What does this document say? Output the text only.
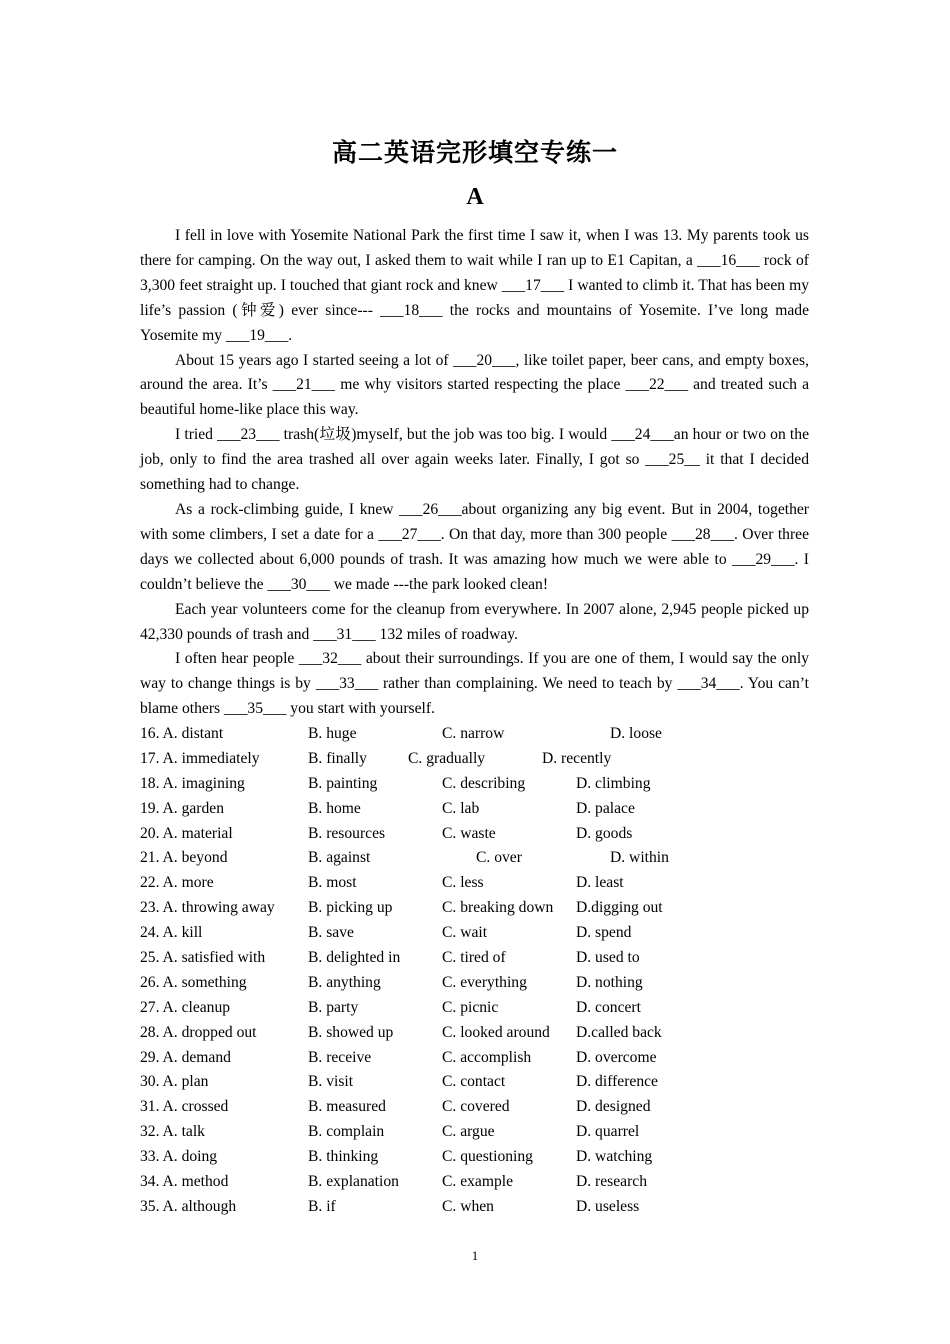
高二英语完形填空专练一
A

I fell in love with Yosemite National Park the first time I saw it, when I was 13. My parents took us there for camping. On the way out, I asked them to wait while I ran up to E1 Capitan, a ___16___ rock of 3,300 feet straight up. I touched that giant rock and knew ___17___ I wanted to climb it. That has been my life’s passion (钟爱) ever since--- ___18___ the rocks and mountains of Yosemite. I’ve long made Yosemite my ___19___.

About 15 years ago I started seeing a lot of ___20___, like toilet paper, beer cans, and empty boxes, around the area. It’s ___21___ me why visitors started respecting the place ___22___ and treated such a beautiful home-like place this way.

I tried ___23___ trash(垃圾)myself, but the job was too big. I would ___24___an hour or two on the job, only to find the area trashed all over again weeks later. Finally, I got so ___25__ it that I decided something had to change.

As a rock-climbing guide, I knew ___26___about organizing any big event. But in 2004, together with some climbers, I set a date for a ___27___. On that day, more than 300 people ___28___. Over three days we collected about 6,000 pounds of trash. It was amazing how much we were able to ___29___. I couldn’t believe the ___30___ we made ---the park looked clean!

Each year volunteers come for the cleanup from everywhere. In 2007 alone, 2,945 people picked up 42,330 pounds of trash and ___31___ 132 miles of roadway.

I often hear people ___32___ about their surroundings. If you are one of them, I would say the only way to change things is by ___33___ rather than complaining. We need to teach by ___34___. You can’t blame others ___35___ you start with yourself.

16. A. distant	B. huge	C. narrow	D. loose
17. A. immediately	B. finally	C. gradually	D. recently
18. A. imagining	B. painting	C. describing	D. climbing
19. A. garden	B. home	C. lab	D. palace
20. A. material	B. resources	C. waste	D. goods
21. A. beyond	B. against	C. over	D. within
22. A. more	B. most	C. less	D. least
23. A. throwing away B. picking up	C. breaking down D.digging out
24. A. kill	B. save	C. wait	D. spend
25. A. satisfied with	B. delighted in	C. tired of	D. used to
26. A. something	B. anything	C. everything	D. nothing
27. A. cleanup	B. party	C. picnic	D. concert
28. A. dropped out	B. showed up	C. looked around D.called back
29. A. demand	B. receive	C. accomplish	D. overcome
30. A. plan	B. visit	C. contact	D. difference
31. A. crossed	B. measured	C. covered	D. designed
32. A. talk	B. complain	C. argue	D. quarrel
33. A. doing	B. thinking	C. questioning	D. watching
34. A. method	B. explanation	C. example	D. research
35. A. although	B. if	C. when	D. useless
1
